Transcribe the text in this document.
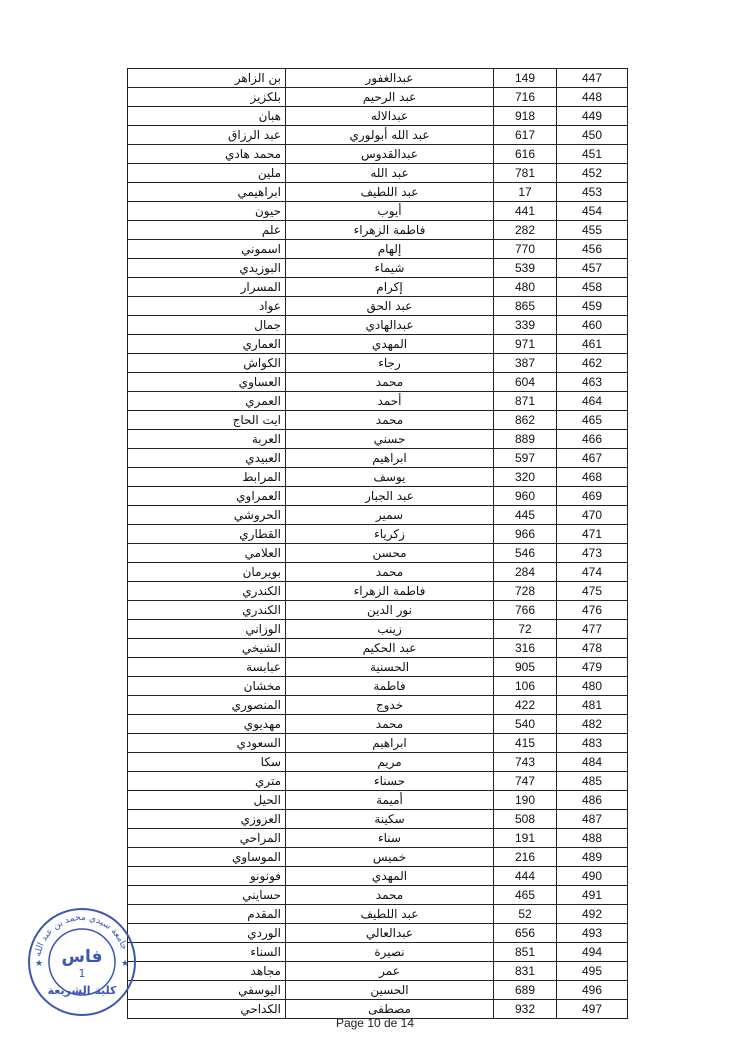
بن الزاهر	عبدالغفور	149	447
بلكزيز	عبد الرحيم	716	448
هبان	عبدالاله	918	449
عبد الرزاق	عبد الله أبولوري	617	450
محمد هادي	عبدالقدوس	616	451
ملين	عبد الله	781	452
ابراهيمي	عبد اللطيف	17	453
حيون	أيوب	441	454
علم	فاطمة الزهراء	282	455
اسموني	إلهام	770	456
البوزيدي	شيماء	539	457
المسرار	إكرام	480	458
عواد	عبد الحق	865	459
جمال	عبدالهادي	339	460
العماري	المهدي	971	461
الكواش	رجاء	387	462
العساوي	محمد	604	463
العمري	أحمد	871	464
ايت الحاج	محمد	862	465
العربة	حسني	889	466
العبيدي	ابراهيم	597	467
المرابط	يوسف	320	468
العمراوي	عبد الجبار	960	469
الحروشي	سمير	445	470
القطاري	زكرياء	966	471
العلامي	محسن	546	473
بويرمان	محمد	284	474
الكندري	فاطمة الزهراء	728	475
الكندري	نور الدين	766	476
الوزاني	زينب	72	477
الشيخي	عبد الحكيم	316	478
عبابسة	الحسنية	905	479
مخشان	فاطمة	106	480
المنصوري	خدوج	422	481
مهديوي	محمد	540	482
السعودي	ابراهيم	415	483
سكا	مريم	743	484
متري	حسناء	747	485
الحيل	أميمة	190	486
العزوزي	سكينة	508	487
المراحي	سناء	191	488
الموساوي	خميس	216	489
فونونو	المهدي	444	490
حسايني	محمد	465	491
المقدم	عبد اللطيف	52	492
الوردي	عبدالعالي	656	493
السناء	نصيرة	851	494
مجاهد	عمر	831	495
اليوسفي	الحسين	689	496
الكداحي	مصطفى	932	497
جامعة سيدي محمد بن عبد الله
فاس
1
كلية الشريعة
★	★
Page 10 de 14
